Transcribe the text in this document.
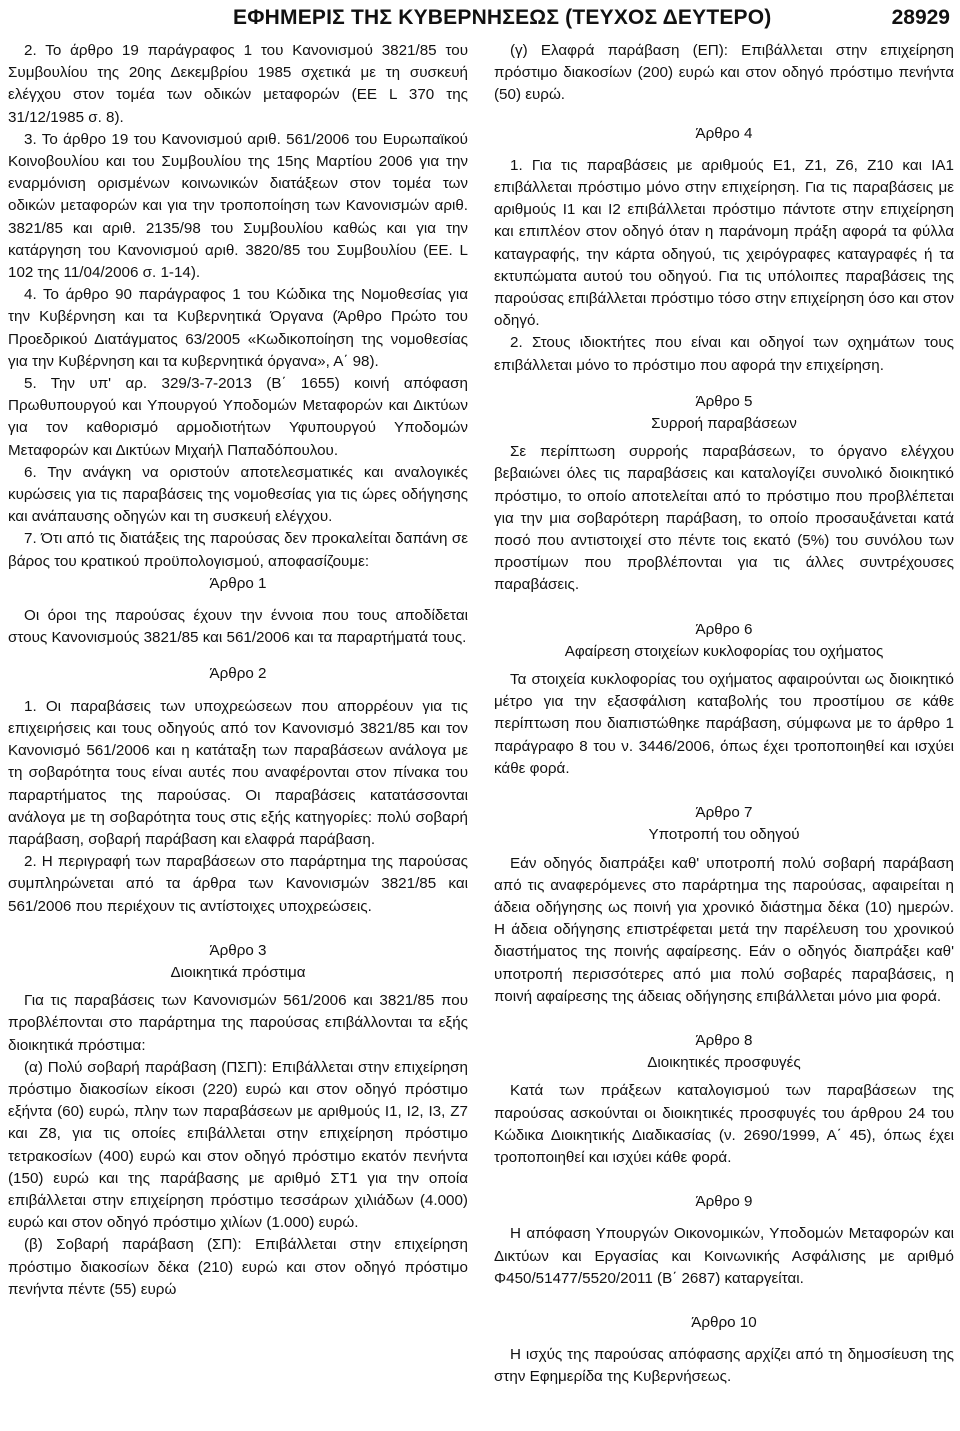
ΕΦΗΜΕΡΙΣ ΤΗΣ ΚΥΒΕΡΝΗΣΕΩΣ (ΤΕΥΧΟΣ ΔΕΥΤΕΡΟ)	28929

2. Το άρθρο 19 παράγραφος 1 του Κανονισμού 3821/85 του Συμβουλίου της 20ης Δεκεμβρίου 1985 σχετικά με τη συσκευή ελέγχου στον τομέα των οδικών μεταφορών (ΕΕ L 370 της 31/12/1985 σ. 8).

3. Το άρθρο 19 του Κανονισμού αριθ. 561/2006 του Ευρωπαϊκού Κοινοβουλίου και του Συμβουλίου της 15ης Μαρτίου 2006 για την εναρμόνιση ορισμένων κοινωνικών διατάξεων στον τομέα των οδικών μεταφορών και για την τροποποίηση των Κανονισμών αριθ. 3821/85 και αριθ. 2135/98 του Συμβουλίου καθώς και για την κατάργηση του Κανονισμού αριθ. 3820/85 του Συμβουλίου (ΕΕ. L 102 της 11/04/2006 σ. 1-14).

4. Το άρθρο 90 παράγραφος 1 του Κώδικα της Νομοθεσίας για την Κυβέρνηση και τα Κυβερνητικά Όργανα (Άρθρο Πρώτο του Προεδρικού Διατάγματος 63/2005 «Κωδικοποίηση της νομοθεσίας για την Κυβέρνηση και τα κυβερνητικά όργανα», Α΄ 98).

5. Την υπ' αρ. 329/3-7-2013 (Β΄ 1655) κοινή απόφαση Πρωθυπουργού και Υπουργού Υποδομών Μεταφορών και Δικτύων για τον καθορισμό αρμοδιοτήτων Υφυπουργού Υποδομών Μεταφορών και Δικτύων Μιχαήλ Παπαδόπουλου.

6. Την ανάγκη να οριστούν αποτελεσματικές και αναλογικές κυρώσεις για τις παραβάσεις της νομοθεσίας για τις ώρες οδήγησης και ανάπαυσης οδηγών και τη συσκευή ελέγχου.

7. Ότι από τις διατάξεις της παρούσας δεν προκαλείται δαπάνη σε βάρος του κρατικού προϋπολογισμού, αποφασίζουμε:

Άρθρο 1

Οι όροι της παρούσας έχουν την έννοια που τους αποδίδεται στους Κανονισμούς 3821/85 και 561/2006 και τα παραρτήματά τους.

Άρθρο 2

1. Οι παραβάσεις των υποχρεώσεων που απορρέουν για τις επιχειρήσεις και τους οδηγούς από τον Κανονισμό 3821/85 και τον Κανονισμό 561/2006 και η κατάταξη των παραβάσεων ανάλογα με τη σοβαρότητα τους είναι αυτές που αναφέρονται στον πίνακα του παραρτήματος της παρούσας. Οι παραβάσεις κατατάσσονται ανάλογα με τη σοβαρότητα τους στις εξής κατηγορίες: πολύ σοβαρή παράβαση, σοβαρή παράβαση και ελαφρά παράβαση.

2. Η περιγραφή των παραβάσεων στο παράρτημα της παρούσας συμπληρώνεται από τα άρθρα των Κανονισμών 3821/85 και 561/2006 που περιέχουν τις αντίστοιχες υποχρεώσεις.

Άρθρο 3

Διοικητικά πρόστιμα

Για τις παραβάσεις των Κανονισμών 561/2006 και 3821/85 που προβλέπονται στο παράρτημα της παρούσας επιβάλλονται τα εξής διοικητικά πρόστιμα:

(α) Πολύ σοβαρή παράβαση (ΠΣΠ): Επιβάλλεται στην επιχείρηση πρόστιμο διακοσίων είκοσι (220) ευρώ και στον οδηγό πρόστιμο εξήντα (60) ευρώ, πλην των παραβάσεων με αριθμούς Ι1, Ι2, Ι3, Ζ7 και Ζ8, για τις οποίες επιβάλλεται στην επιχείρηση πρόστιμο τετρακοσίων (400) ευρώ και στον οδηγό πρόστιμο εκατόν πενήντα (150) ευρώ και της παράβασης με αριθμό ΣΤ1 για την οποία επιβάλλεται στην επιχείρηση πρόστιμο τεσσάρων χιλιάδων (4.000) ευρώ και στον οδηγό πρόστιμο χιλίων (1.000) ευρώ.

(β) Σοβαρή παράβαση (ΣΠ): Επιβάλλεται στην επιχείρηση πρόστιμο διακοσίων δέκα (210) ευρώ και στον οδηγό πρόστιμο πενήντα πέντε (55) ευρώ

(γ) Ελαφρά παράβαση (ΕΠ): Επιβάλλεται στην επιχείρηση πρόστιμο διακοσίων (200) ευρώ και στον οδηγό πρόστιμο πενήντα (50) ευρώ.

Άρθρο 4

1. Για τις παραβάσεις με αριθμούς Ε1, Ζ1, Ζ6, Ζ10 και ΙΑ1 επιβάλλεται πρόστιμο μόνο στην επιχείρηση. Για τις παραβάσεις με αριθμούς Ι1 και Ι2 επιβάλλεται πρόστιμο πάντοτε στην επιχείρηση και επιπλέον στον οδηγό όταν η παράνομη πράξη αφορά τα φύλλα καταγραφής, την κάρτα οδηγού, τις χειρόγραφες καταγραφές ή τα εκτυπώματα αυτού του οδηγού. Για τις υπόλοιπες παραβάσεις της παρούσας επιβάλλεται πρόστιμο τόσο στην επιχείρηση όσο και στον οδηγό.

2. Στους ιδιοκτήτες που είναι και οδηγοί των οχημάτων τους επιβάλλεται μόνο το πρόστιμο που αφορά την επιχείρηση.

Άρθρο 5

Συρροή παραβάσεων

Σε περίπτωση συρροής παραβάσεων, το όργανο ελέγχου βεβαιώνει όλες τις παραβάσεις και καταλογίζει συνολικό διοικητικό πρόστιμο, το οποίο αποτελείται από το πρόστιμο που προβλέπεται για την μια σοβαρότερη παράβαση, το οποίο προσαυξάνεται κατά ποσό που αντιστοιχεί στο πέντε τοις εκατό (5%) του συνόλου των προστίμων που προβλέπονται για τις άλλες συντρέχουσες παραβάσεις.

Άρθρο 6

Αφαίρεση στοιχείων κυκλοφορίας του οχήματος

Τα στοιχεία κυκλοφορίας του οχήματος αφαιρούνται ως διοικητικό μέτρο για την εξασφάλιση καταβολής του προστίμου σε κάθε περίπτωση που διαπιστώθηκε παράβαση, σύμφωνα με το άρθρο 1 παράγραφο 8 του ν. 3446/2006, όπως έχει τροποποιηθεί και ισχύει κάθε φορά.

Άρθρο 7

Υποτροπή του οδηγού

Εάν οδηγός διαπράξει καθ' υποτροπή πολύ σοβαρή παράβαση από τις αναφερόμενες στο παράρτημα της παρούσας, αφαιρείται η άδεια οδήγησης ως ποινή για χρονικό διάστημα δέκα (10) ημερών. Η άδεια οδήγησης επιστρέφεται μετά την παρέλευση του χρονικού διαστήματος της ποινής αφαίρεσης. Εάν ο οδηγός διαπράξει καθ' υποτροπή περισσότερες από μια πολύ σοβαρές παραβάσεις, η ποινή αφαίρεσης της άδειας οδήγησης επιβάλλεται μόνο μια φορά.

Άρθρο 8

Διοικητικές προσφυγές

Κατά των πράξεων καταλογισμού των παραβάσεων της παρούσας ασκούνται οι διοικητικές προσφυγές του άρθρου 24 του Κώδικα Διοικητικής Διαδικασίας (ν. 2690/1999, Α΄ 45), όπως έχει τροποποιηθεί και ισχύει κάθε φορά.

Άρθρο 9

Η απόφαση Υπουργών Οικονομικών, Υποδομών Μεταφορών και Δικτύων και Εργασίας και Κοινωνικής Ασφάλισης με αριθμό Φ450/51477/5520/2011 (Β΄ 2687) καταργείται.

Άρθρο 10

Η ισχύς της παρούσας απόφασης αρχίζει από τη δημοσίευση της στην Εφημερίδα της Κυβερνήσεως.
